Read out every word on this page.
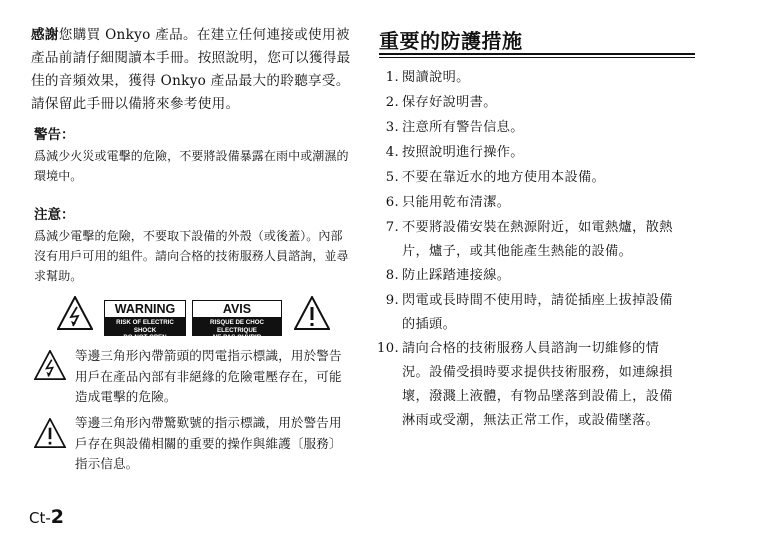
感謝您購買 Onkyo 產品。在建立任何連接或使用被產品前請仔細閱讀本手冊。按照說明，您可以獲得最佳的音頻效果，獲得 Onkyo 產品最大的聆聽享受。請保留此手冊以備將來參考使用。
警告：
爲減少火災或電擊的危險，不要將設備暴露在雨中或潮濕的環境中。
注意：
爲減少電擊的危險，不要取下設備的外殼（或後蓋）。內部沒有用戶可用的組件。請向合格的技術服務人員諮詢，並尋求幫助。
WARNING
RISK OF ELECTRIC SHOCK
DO NOT OPEN
AVIS
RISQUE DE CHOC ELECTRIQUE
NE PAS OUVRIR
等邊三角形內帶箭頭的閃電指示標識，用於警告用戶在產品內部有非絕緣的危險電壓存在，可能造成電擊的危險。
等邊三角形內帶驚歎號的指示標識，用於警告用戶存在與設備相關的重要的操作與維護〔服務〕指示信息。
Ct-2
重要的防護措施
1. 閱讀說明。
2. 保存好說明書。
3. 注意所有警告信息。
4. 按照說明進行操作。
5. 不要在靠近水的地方使用本設備。
6. 只能用乾布清潔。
7. 不要將設備安裝在熱源附近，如電熱爐，散熱片，爐子，或其他能產生熱能的設備。
8. 防止踩踏連接線。
9. 閃電或長時間不使用時，請從插座上拔掉設備的插頭。
10. 請向合格的技術服務人員諮詢一切維修的情況。設備受損時要求提供技術服務，如連線損壞，潑濺上液體，有物品墜落到設備上，設備淋雨或受潮，無法正常工作，或設備墜落。
